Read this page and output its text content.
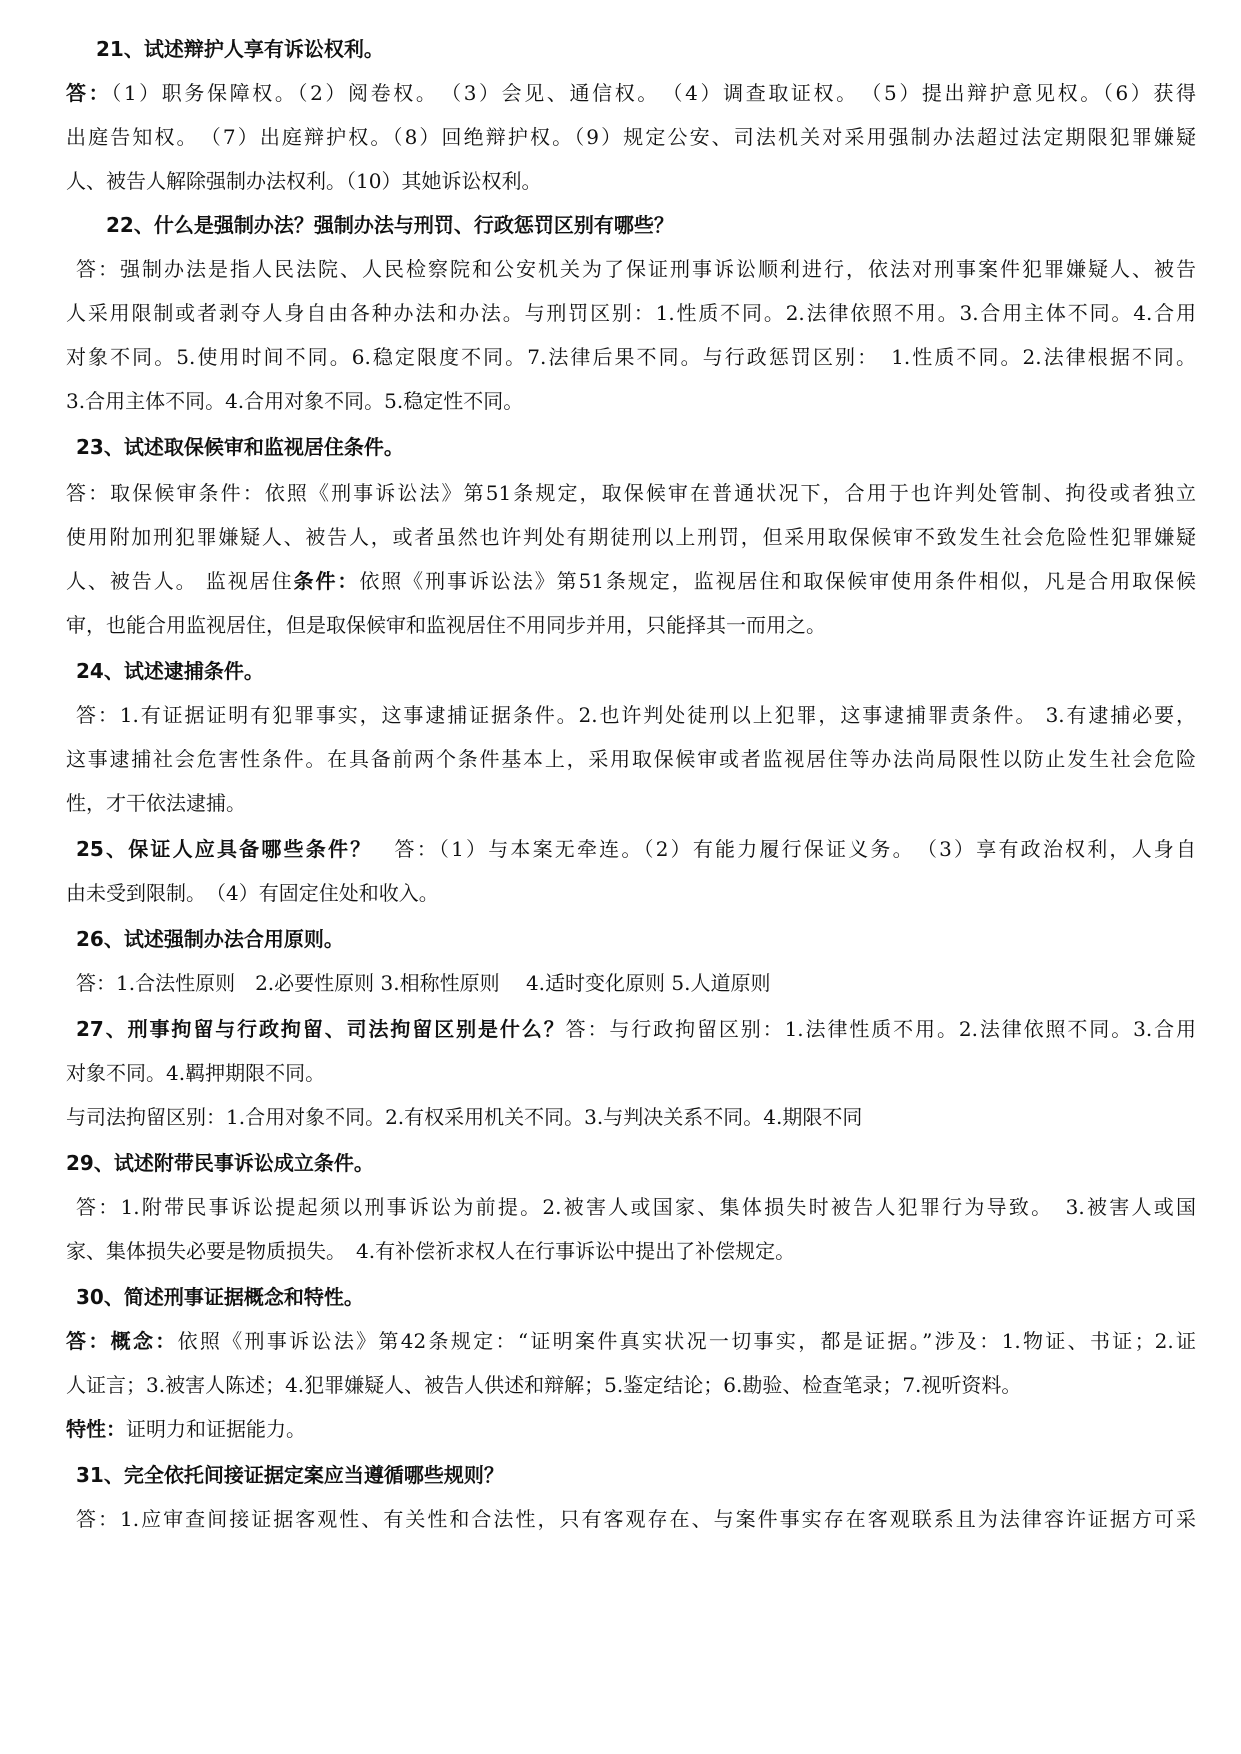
21、试述辩护人享有诉讼权利。
答：（1）职务保障权。（2）阅卷权。　（3）会见、通信权。　（4）调查取证权。　（5）提出辩护意见权。（6）获得
出庭告知权。　（7）出庭辩护权。（8）回绝辩护权。（9）规定公安、司法机关对采用强制办法超过法定期限犯罪嫌疑
人、被告人解除强制办法权利。（10）其她诉讼权利。
22、什么是强制办法？强制办法与刑罚、行政惩罚区别有哪些？
答：强制办法是指人民法院、人民检察院和公安机关为了保证刑事诉讼顺利进行，依法对刑事案件犯罪嫌疑人、被告
人采用限制或者剥夺人身自由各种办法和办法。与刑罚区别：1.性质不同。2.法律依照不用。3.合用主体不同。4.合用
对象不同。5.使用时间不同。6.稳定限度不同。7.法律后果不同。与行政惩罚区别：　1.性质不同。2.法律根据不同。
3.合用主体不同。4.合用对象不同。5.稳定性不同。
23、试述取保候审和监视居住条件。
答：取保候审条件：依照《刑事诉讼法》第51条规定，取保候审在普通状况下，合用于也许判处管制、拘役或者独立
使用附加刑犯罪嫌疑人、被告人，或者虽然也许判处有期徒刑以上刑罚，但采用取保候审不致发生社会危险性犯罪嫌疑
人、被告人。 监视居住条件：依照《刑事诉讼法》第51条规定，监视居住和取保候审使用条件相似，凡是合用取保候
审，也能合用监视居住，但是取保候审和监视居住不用同步并用，只能择其一而用之。
24、试述逮捕条件。
答：1.有证据证明有犯罪事实，这事逮捕证据条件。2.也许判处徒刑以上犯罪，这事逮捕罪责条件。 3.有逮捕必要，
这事逮捕社会危害性条件。在具备前两个条件基本上，采用取保候审或者监视居住等办法尚局限性以防止发生社会危险
性，才干依法逮捕。
25、保证人应具备哪些条件？　答：（1）与本案无牵连。（2）有能力履行保证义务。　（3）享有政治权利，人身自
由未受到限制。　（4）有固定住处和收入。
26、试述强制办法合用原则。
答：1.合法性原则　2.必要性原则 3.相称性原则　 4.适时变化原则 5.人道原则
27、刑事拘留与行政拘留、司法拘留区别是什么？答：与行政拘留区别：1.法律性质不用。2.法律依照不同。3.合用
对象不同。4.羁押期限不同。
与司法拘留区别：1.合用对象不同。2.有权采用机关不同。3.与判决关系不同。4.期限不同
29、试述附带民事诉讼成立条件。
答：1.附带民事诉讼提起须以刑事诉讼为前提。2.被害人或国家、集体损失时被告人犯罪行为导致。　3.被害人或国
家、集体损失必要是物质损失。　4.有补偿祈求权人在行事诉讼中提出了补偿规定。
30、简述刑事证据概念和特性。
答：概念：依照《刑事诉讼法》第42条规定：“证明案件真实状况一切事实，都是证据。”涉及：1.物证、书证；2.证
人证言；3.被害人陈述；4.犯罪嫌疑人、被告人供述和辩解；5.鉴定结论；6.勘验、检查笔录；7.视听资料。
特性：证明力和证据能力。
31、完全依托间接证据定案应当遵循哪些规则？
答：1.应审查间接证据客观性、有关性和合法性，只有客观存在、与案件事实存在客观联系且为法律容许证据方可采
